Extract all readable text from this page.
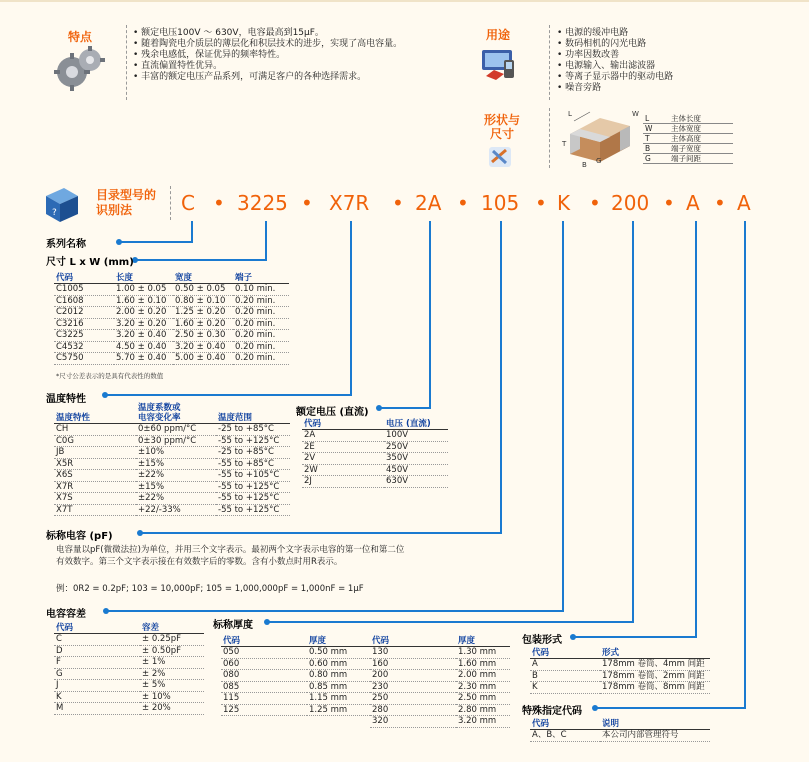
特点	• 额定电压100V ～ 630V，电容最高到15μF。
• 随着陶瓷电介质层的薄层化和积层技术的进步，实现了高电容量。
• 残余电感低，保证优异的频率特性。
• 直流偏置特性优异。
• 丰富的额定电压产品系列，可满足客户的各种选择需求。
用途	• 电源的缓冲电路
• 数码相机的闪光电路
• 功率因数改善
• 电源输入、输出滤波器
• 等离子显示器中的驱动电路
• 噪音旁路
形状与
尺寸
L	W
T
B G
L	主体长度
W	主体宽度
T	主体高度
B	端子宽度
G	端子间距
?
目录型号的
识别法	C • 3225 • X7R • 2A • 105 • K • 200 • A • A
系列名称
尺寸 L x W (mm)
代码	长度	宽度	端子
C1005	1.00 ± 0.05	0.50 ± 0.05	0.10 min.
C1608	1.60 ± 0.10	0.80 ± 0.10	0.20 min.
C2012	2.00 ± 0.20	1.25 ± 0.20	0.20 min.
C3216	3.20 ± 0.20	1.60 ± 0.20	0.20 min.
C3225	3.20 ± 0.40	2.50 ± 0.30	0.20 min.
C4532	4.50 ± 0.40	3.20 ± 0.40	0.20 min.
C5750	5.70 ± 0.40	5.00 ± 0.40	0.20 min.
*尺寸公差表示的是具有代表性的数值
温度特性
温度特性	温度系数或
电容变化率	温度范围
CH	0±60 ppm/°C	-25 to +85°C
C0G	0±30 ppm/°C	-55 to +125°C
JB	±10%	-25 to +85°C
X5R	±15%	-55 to +85°C
X6S	±22%	-55 to +105°C
X7R	±15%	-55 to +125°C
X7S	±22%	-55 to +125°C
X7T	+22/-33%	-55 to +125°C
额定电压 (直流)
代码	电压 (直流)
2A	100V
2E	250V
2V	350V
2W	450V
2J	630V
标称电容 (pF)
电容量以pF(微微法拉)为单位，并用三个文字表示。最初两个文字表示电容的第一位和第二位有效数字。第三个文字表示接在有效数字后的零数。含有小数点时用R表示。
例：0R2 = 0.2pF; 103 = 10,000pF; 105 = 1,000,000pF = 1,000nF = 1μF
电容容差
代码	容差
C	± 0.25pF
D	± 0.50pF
F	± 1%
G	± 2%
J	± 5%
K	± 10%
M	± 20%
标称厚度
代码	厚度	代码	厚度
050	0.50 mm	130	1.30 mm
060	0.60 mm	160	1.60 mm
080	0.80 mm	200	2.00 mm
085	0.85 mm	230	2.30 mm
115	1.15 mm	250	2.50 mm
125	1.25 mm	280	2.80 mm
		320	3.20 mm
包装形式
代码	形式
A	178mm 卷筒、4mm 间距
B	178mm 卷筒、2mm 间距
K	178mm 卷筒、8mm 间距
特殊指定代码
代码	说明
A、B、C	本公司内部管理符号
